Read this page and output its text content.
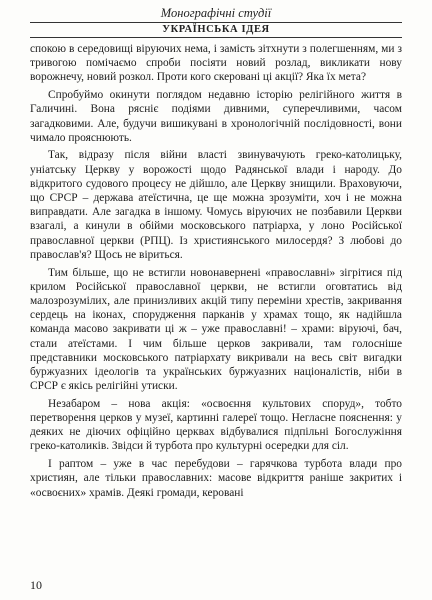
Монографічні студії
УКРАЇНСЬКА ІДЕЯ

спокою в середовищі віруючих нема, і замість зітхнути з полегшенням, ми з тривогою помічаємо спроби посіяти новий розлад, викликати нову ворожнечу, новий розкол. Проти кого скеровані ці акції? Яка їх мета?

Спробуймо окинути поглядом недавню історію релігійного життя в Галичині. Вона рясніє подіями дивними, суперечливими, часом загадковими. Але, будучи вишикувані в хронологічній послідовності, вони чимало прояснюють.

Так, відразу після війни власті звинувачують греко-католицьку, уніатську Церкву у ворожості щодо Радянської влади і народу. До відкритого судового процесу не дійшло, але Церкву знищили. Враховуючи, що СРСР – держава атеїстична, це ще можна зрозуміти, хоч і не можна виправдати. Але загадка в іншому. Чомусь віруючих не позбавили Церкви взагалі, а кинули в обійми московського патріарха, у лоно Російської православної церкви (РПЦ). Із християнського милосердя? З любові до православ'я? Щось не віриться.

Тим більше, що не встигли новонавернені «православні» зігрітися під крилом Російської православної церкви, не встигли оговтатись від малозрозумілих, але принизливих акцій типу переміни хрестів, закривання сердець на іконах, спорудження парканів у храмах тощо, як надійшла команда масово закривати ці ж – уже православні! – храми: віруючі, бач, стали атеїстами. І чим більше церков закривали, там голосніше представники московського патріархату викривали на весь світ вигадки буржуазних ідеологів та українських буржуазних націоналістів, ніби в СРСР є якісь релігійні утиски.

Незабаром – нова акція: «освоєння культових споруд», тобто перетворення церков у музеї, картинні галереї тощо. Негласне пояснення: у деяких не діючих офіційно церквах відбувалися підпільні Богослужіння греко-католиків. Звідси й турбота про культурні осередки для сіл.

І раптом – уже в час перебудови – гарячкова турбота влади про християн, але тільки православних: масове відкриття раніше закритих і «освоєних» храмів. Деякі громади, керовані

10
